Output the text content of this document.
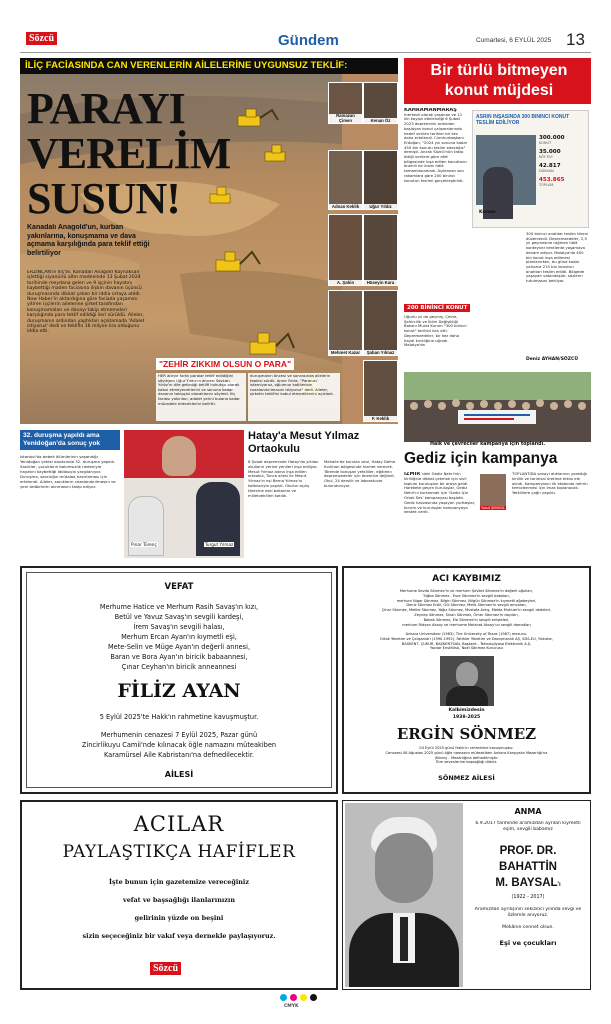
Sözcü	Gündem	Cumartesi, 6 EYLÜL 2025 13
İLİÇ FACİASINDA CAN VERENLERİN AİLELERİNE UYGUNSUZ TEKLİF:
PARAYI
VERELİM
SUSUN!
Kanadalı Anagold'un, kurban yakınlarına, konuşmama ve dava açmama karşılığında para teklif ettiği belirtiliyor
ERZİNCAN'ın İliç'te, Kanadalı Anagold Kaynaksan işlettiği siyanürlü altın madeninde 13 Şubat 2024 tarihinde meydana gelen ve 9 işçinin hayatını kaybettiği maden faciasına ilişkin davanın üçüncü duruşmasında dikkat çeken bir iddia ortaya atıldı. Now Haber'in aktardığına göre faciada yaşamını yitiren işçilerin ailelerine şirket tarafından konuşmamaları ve davayı takip etmemeleri karşılığında para teklif edildiği ileri sürüldü. Aileler, duruşmanın ardından yaptıkları açıklamada 'Adalet istiyoruz' dedi ve teklifin 16 milyon lira olduğunu iddia etti.
"ZEHİR ZIKKIM OLSUN O PARA"
HER aileye farklı paralar teklif edildiğini söyleyen Uğur Yıldız'ın annesi Sevcan Yıldız'ın dile getirdiği teklifi hukukçu olarak kabul etmeyeceklerini ve sonuna kadar davanın takipçisi olacaklarını söyledi. İliç faciası yakınları, adalet yerini bulana kadar mücadele edeceklerini belirtti.
duruşmanın öncesi ve sonrasında ailelerin tepkisi sürdü. Anne Yıldız, "Paranızı istemiyoruz, oğlumun katillerinin cezalandırılmasını istiyoruz" dedi. Aileler, şirketin teklifini kabul etmediklerini açıkladı.
Ramazan Çimen	Kenan Öz
Adnan Keklik	Uğur Yıldız
A. Şahin	Hüseyin Kara
Mehmet Kazar	Şaban Yılmaz
F. Keklik
Bir türlü bitmeyen konut müjdesi
KAHRAMANMARAŞ merkezli olarak yaşanan ve 11 ilin kayıplı etkilendiği 6 Şubat 2023 depreminin ardından başlayan konut çalışmalarında hedef verilen tarihler bir kez daha ertelendi. Cumhurbaşkanı Erdoğan, "2024 yılı sonuna kadar 450 bin konutu teslim edeceğiz" demişti. Ancak Sözcü'nün takip ettiği verilere göre afet bölgesinde inşa edilen konutların önemli bir kısmı hâlâ tamamlanamadı. Açıklanan son rakamlara göre 200 bininci konutun teslimi gerçekleştirildi.
ASRIN İNŞASINDA 300 BİNİNCİ KONUT TESLİM EDİLİYOR
Kurum
300.000
KONUT
35.000
KÖY EVİ
42.817
DÜKKAN
453.865
TOPLAM
200 BİNİNCİ KONUT
Uğurlu yıl da geçmiş, Çevre, Şehircilik ve İklim Değişikliği Bakanı Murat Kurum "300 bininci konut" tarihini ilan etti. Depremzedeler, bir kez daha hayal kırıklığına uğradı. Malatya'da
300 bininci anahtar teslim töreni düzenlendi. Depremzedeler, 2,5 yıl geçmesine rağmen hâlâ konteyner kentlerde yaşamaya devam ediyor. Malatya'da 400 bin konut inşa edilmesi planlanırken, bu güne kadar yalnızca 215 bin konutun anahtarı teslim edildi. Bölgede yaşayan vatandaşlar, sözlerin tutulmasını bekliyor.
Deniz AYHAN/SÖZCÜ
Halk ve çevreciler kampanya için toplandı.
32. duruşma yapıldı ama Yenidoğan'da sonuç yok
Istanbul'da bebek ölümlerinin yaşandığı Yenidoğan çetesi davasında 32. duruşma yapıldı. Sanıklar, çocukların bakımsızlık nedeniyle hayatını kaybettiği iddiasıyla yargılanıyor. Duruşma, savcılığın mütalaa hazırlaması için ertelendi. Aileler, sanıkların cezalandırılmasını ve yeni tedbirlerin alınmasını talep ediyor.
Pınar Türenç	Turgut Yılmaz
Hatay'a Mesut Yılmaz Ortaokulu
6 Şubat depreminde Hatay'da yıkılan okulların yerine yenileri inşa ediliyor. Mesut Yılmaz adına inşa edilen ortaokul, Tunca ailesi ile Mesut Yılmaz'ın eşi Berna Yılmaz'ın katkılarıyla yapıldı. Okulun açılış törenine eski bakanlar ve milletvekilleri katıldı.
Mahalle'de kurulan okul, Hatay Defne Kırıkhan bölgesinde hizmet verecek. Törende konuşan yetkililer, eğitimin depremzedeler için önemine değindi. Okul, 24 derslik ve laboratuvar bulunduruyor.
Gediz için kampanya
İZMİR 'deki Gediz Nehri'nin kirliliğine dikkat çekmek için sivil toplum kuruluşları bir araya geldi. Harekete geçen kuruluşlar, Gediz Nehri'ni kurtarmak için 'Gediz İçin Ortak Ses' kampanyası başlattı. Gediz havzasında yaşayan yurttaşlar, kurum ve kuruluşlar kampanyaya destek verdi.
Yusuf ŞENGÜL
TOPLANTIDA sanayi atıklarının yarattığı kirlilik ve tarımsal üretime etkisi ele alındı. Kampanyanın ilk etabında nehrin temizlenmesi için imza toplanacak. Yetkililere çağrı yapıldı.
VEFAT
Merhume Hatice ve Merhum Rasih Savaş'ın kızı,
Betül ve Yavuz Savaş'ın sevgili kardeşi,
İrem Savaş'ın sevgili halası,
Merhum Ercan Ayan'ın kıymetli eşi,
Mete-Selin ve Müge Ayan'ın değerli annesi,
Baran ve Bora Ayan'ın biricik babaannesi,
Çınar Ceyhan'ın biricik anneannesi
FİLİZ AYAN
5 Eylül 2025'te Hakk'ın rahmetine kavuşmuştur.
Merhumenin cenazesi 7 Eylül 2025, Pazar günü
Zincirlikuyu Camii'nde kılınacak öğle namazını müteakiben
Karamürsel Aile Kabristanı'na defnedilecektir.
AİLESİ
ACI KAYBIMIZ
Merhume Sevda Sönmez'in ve merhum Şevket Sönmez'in değerli oğulları,
Tuğba Sönmez - Esra Sönmez'in sevgili babaları,
merhum Nigar Sönmez, Bilgin Sönmez, Nilgün Sönmez'in kıymetli ağabeyleri,
Deniz Sönmez Erbil, Gül Sönmez, Melis Sönmez'in sevgili amcaları,
Çinar Sönmez, Melike Sönmez, Yağız Sönmez, Mustafa Arkış, Melda Mutluer'in sevgili dedeleri,
Zeynep Sönmez, Sinan Sönmez, Ömer Sönmez'in dayıları,
Babak Sönmez, Ela Sönmez'in sevgili enişteleri,
merhum Ridvan Aksoy ve merhume Melahat Aksoy'un sevgili damatları
Ankara Üniversitesi (1983), The University of Texas (1987) mezunu,
Ortak Yönetim ve Çalışanları (1990-1992), Fatihler Yönetim ve Danışmanlık AŞ, SDS-EU, Yıldızlar,
BASKENT, ÇUKUR, BAŞKENTSAN, Başkent - Teknolojiyasa Elektronik A.Ş.
Yazılar Enstitüsü, Noel Sönmez Kurucusu
Kalbimizdesin
1938-2025
ERGİN SÖNMEZ
04 Eylül 2025 günü Hakk'ın rahmetine kavuşmuştur.
Cenazesi 08 Ağustos 2025 günü öğle namazını müteakiben Ankara Karşıyaka Mezarlığı'na
(Kıbrıs) - Mezarlığına defnedilmiştir.
Tüm sevenlerine başsağlığı dileriz.
SÖNMEZ AİLESİ
ACILAR
PAYLAŞTIKÇA HAFİFLER
İşte bunun için gazetemize vereceğiniz
vefat ve başsağlığı ilanlarınızın
gelirinin yüzde on beşini
sizin seçeceğiniz bir vakıf veya dernekle paylaşıyoruz.
Sözcü
ANMA
6.9.2017 tarihinde aramızdan ayrılan kıymetli eşim, sevgili babamız
PROF. DR.
BAHATTİN
M. BAYSAL'ı
(1922 - 2017)
Aramızdan ayrılışının sekizinci yılında sevgi ve özlemle anıyoruz.
Mekânın cennet olsun.
Eşi ve çocukları
CMYK
